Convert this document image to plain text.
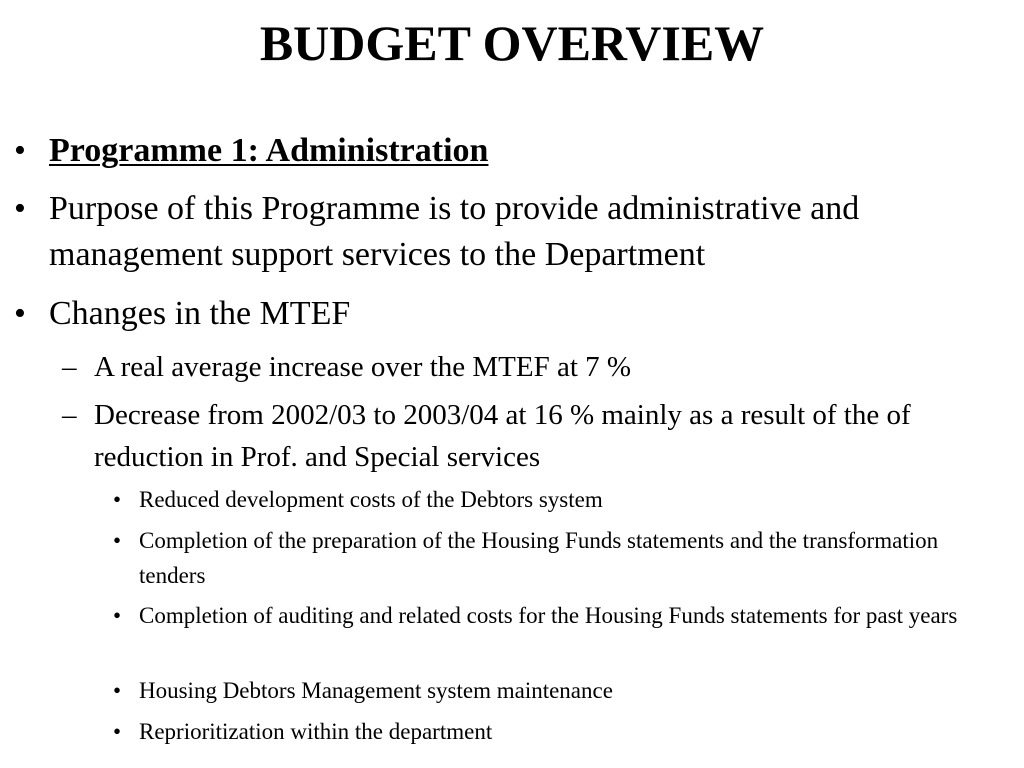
BUDGET OVERVIEW
• Programme 1: Administration
• Purpose of this Programme is to provide administrative and management support services to the Department
• Changes in the MTEF
– A real average increase over the MTEF at 7 %
– Decrease from 2002/03 to 2003/04 at 16 % mainly as a result of the of reduction in Prof. and Special services
• Reduced development costs of the Debtors system
• Completion of the preparation of the Housing Funds statements and the transformation tenders
• Completion of auditing and related costs for the Housing Funds statements for past years
• Housing Debtors Management system maintenance
• Reprioritization within the department
